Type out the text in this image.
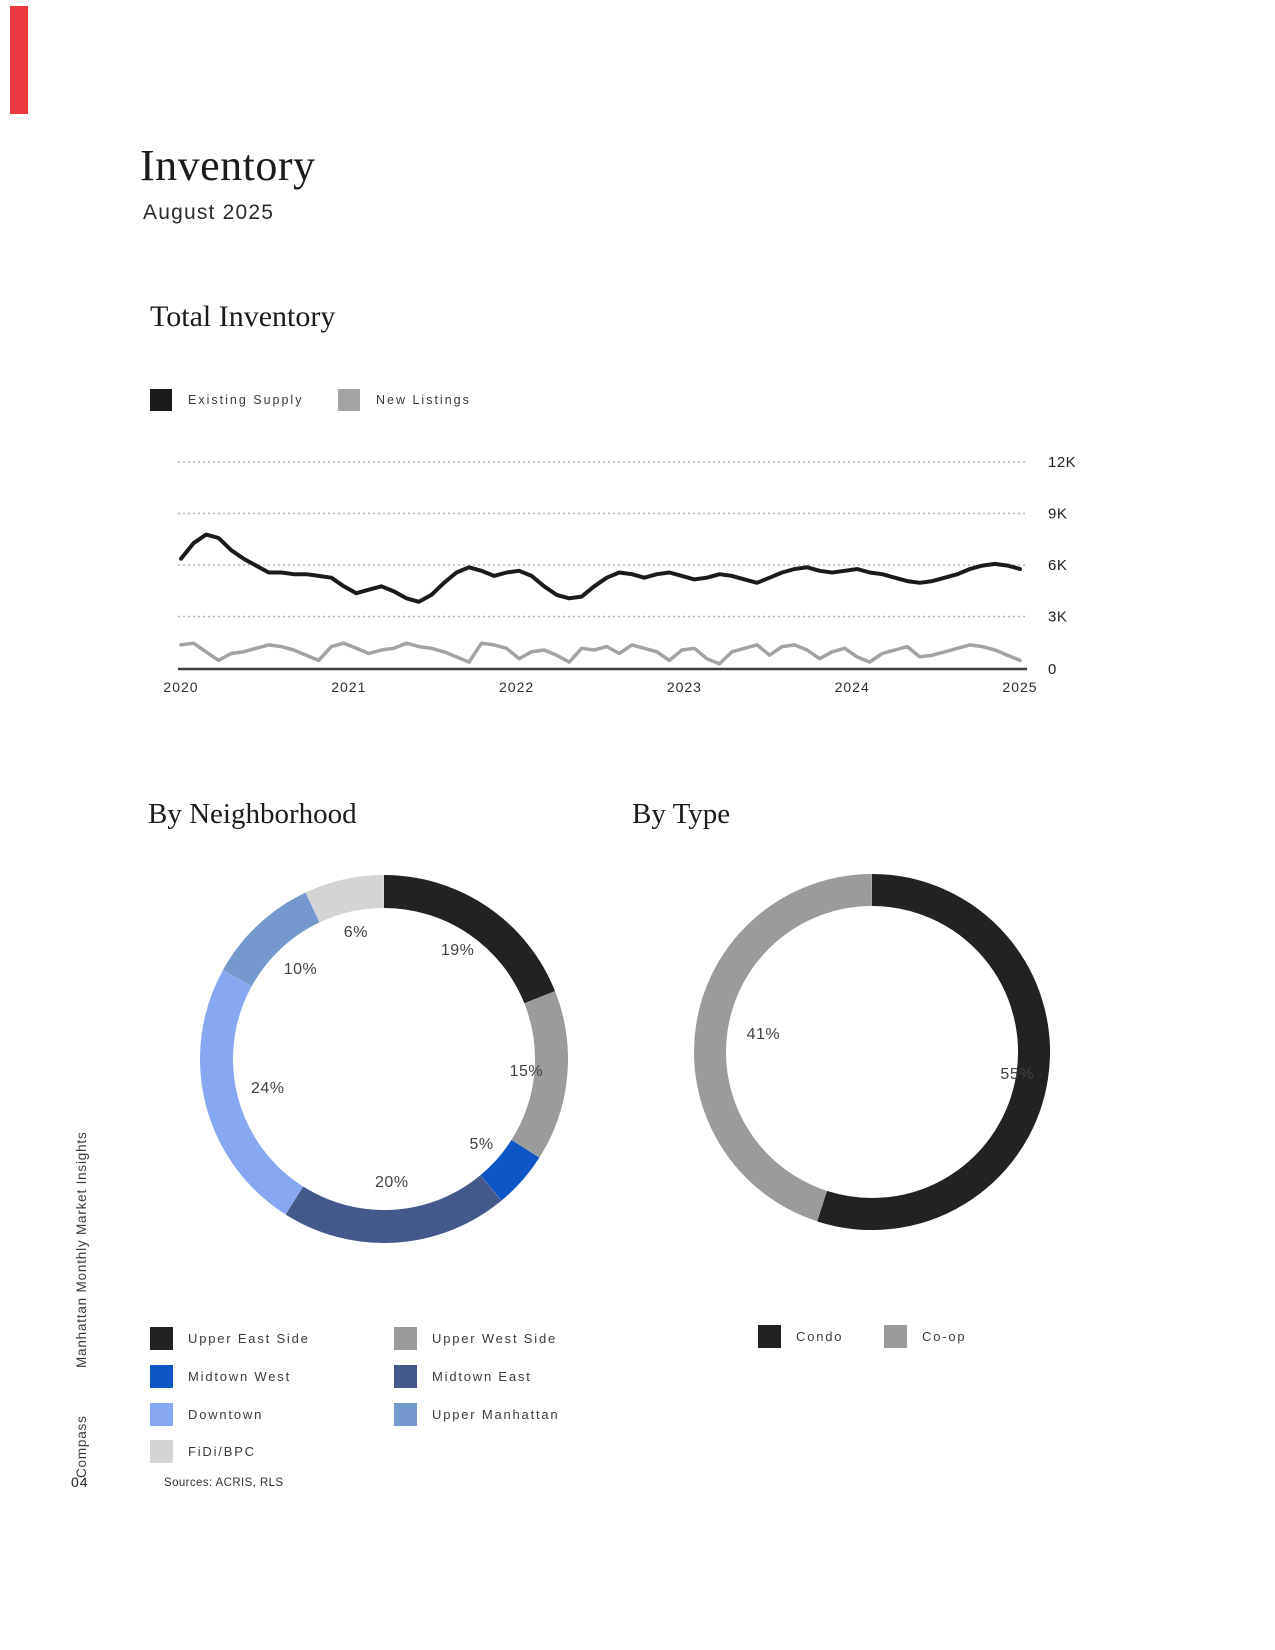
Inventory
August 2025
Total Inventory
Existing Supply	New Listings
12K
9K
6K
3K
0
2020	2021	2022	2023	2024	2025
By Neighborhood
19%
15%
5%
20%
24%
10%
6%
By Type
55%
41%
Upper East Side	Upper West Side
Midtown West	Midtown East
Downtown	Upper Manhattan
FiDi/BPC
Condo	Co-op
Manhattan Monthly Market Insights
Compass
04	Sources: ACRIS, RLS
